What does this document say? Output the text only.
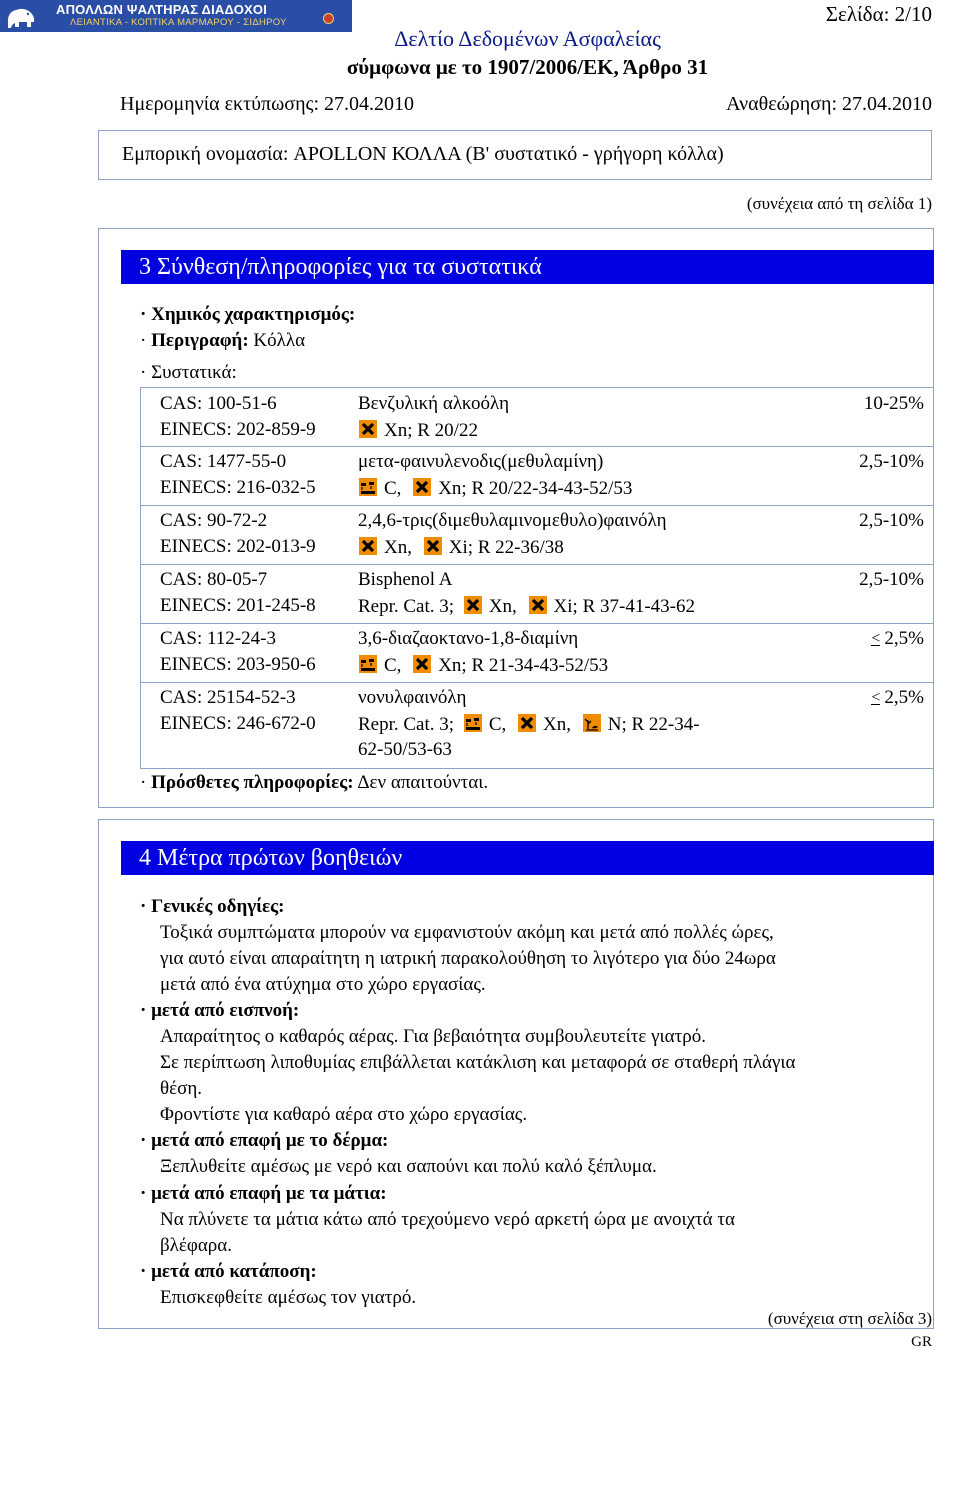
ΑΠΟΛΛΩΝ ΨΑΛΤΗΡΑΣ ΔΙΑΔΟΧΟΙ
ΛΕΙΑΝΤΙΚΑ - ΚΟΠΤΙΚΑ ΜΑΡΜΑΡΟΥ - ΣΙΔΗΡΟΥ	Σελίδα: 2/10
Δελτίο Δεδομένων Ασφαλείας
σύμφωνα με το 1907/2006/ΕΚ, Άρθρο 31
Ημερομηνία εκτύπωσης: 27.04.2010	Αναθεώρηση: 27.04.2010
Εμπορική ονομασία: APOLLON ΚΟΛΛΑ (Β' συστατικό - γρήγορη κόλλα)
(συνέχεια από τη σελίδα 1)
3 Σύνθεση/πληροφορίες για τα συστατικά
· Χημικός χαρακτηρισμός:
· Περιγραφή: Κόλλα
· Συστατικά:
CAS: 100-51-6
EINECS: 202-859-9
Βενζυλική αλκοόλη
Xn; R 20/22
10-25%
CAS: 1477-55-0
EINECS: 216-032-5
μετα-φαινυλενοδις(μεθυλαμίνη)
C, Xn; R 20/22-34-43-52/53
2,5-10%
CAS: 90-72-2
EINECS: 202-013-9
2,4,6-τρις(διμεθυλαμινομεθυλο)φαινόλη
Xn, Xi; R 22-36/38
2,5-10%
CAS: 80-05-7
EINECS: 201-245-8
Bisphenol A
Repr. Cat. 3; Xn, Xi; R 37-41-43-62
2,5-10%
CAS: 112-24-3
EINECS: 203-950-6
3,6-διαζαοκτανο-1,8-διαμίνη
C, Xn; R 21-34-43-52/53
< 2,5%
CAS: 25154-52-3
EINECS: 246-672-0
νονυλφαινόλη
Repr. Cat. 3; C, Xn, N; R 22-34-
62-50/53-63
< 2,5%
· Πρόσθετες πληροφορίες: Δεν απαιτούνται.
4 Μέτρα πρώτων βοηθειών
· Γενικές οδηγίες:
Τοξικά συμπτώματα μπορούν να εμφανιστούν ακόμη και μετά από πολλές ώρες,
για αυτό είναι απαραίτητη η ιατρική παρακολούθηση το λιγότερο για δύο 24ωρα
μετά από ένα ατύχημα στο χώρο εργασίας.
· μετά από εισπνοή:
Απαραίτητος ο καθαρός αέρας. Για βεβαιότητα συμβουλευτείτε γιατρό.
Σε περίπτωση λιποθυμίας επιβάλλεται κατάκλιση και μεταφορά σε σταθερή πλάγια
θέση.
Φροντίστε για καθαρό αέρα στο χώρο εργασίας.
· μετά από επαφή με το δέρμα:
Ξεπλυθείτε αμέσως με νερό και σαπούνι και πολύ καλό ξέπλυμα.
· μετά από επαφή με τα μάτια:
Να πλύνετε τα μάτια κάτω από τρεχούμενο νερό αρκετή ώρα με ανοιχτά τα
βλέφαρα.
· μετά από κατάποση:
Επισκεφθείτε αμέσως τον γιατρό.
(συνέχεια στη σελίδα 3)
GR
